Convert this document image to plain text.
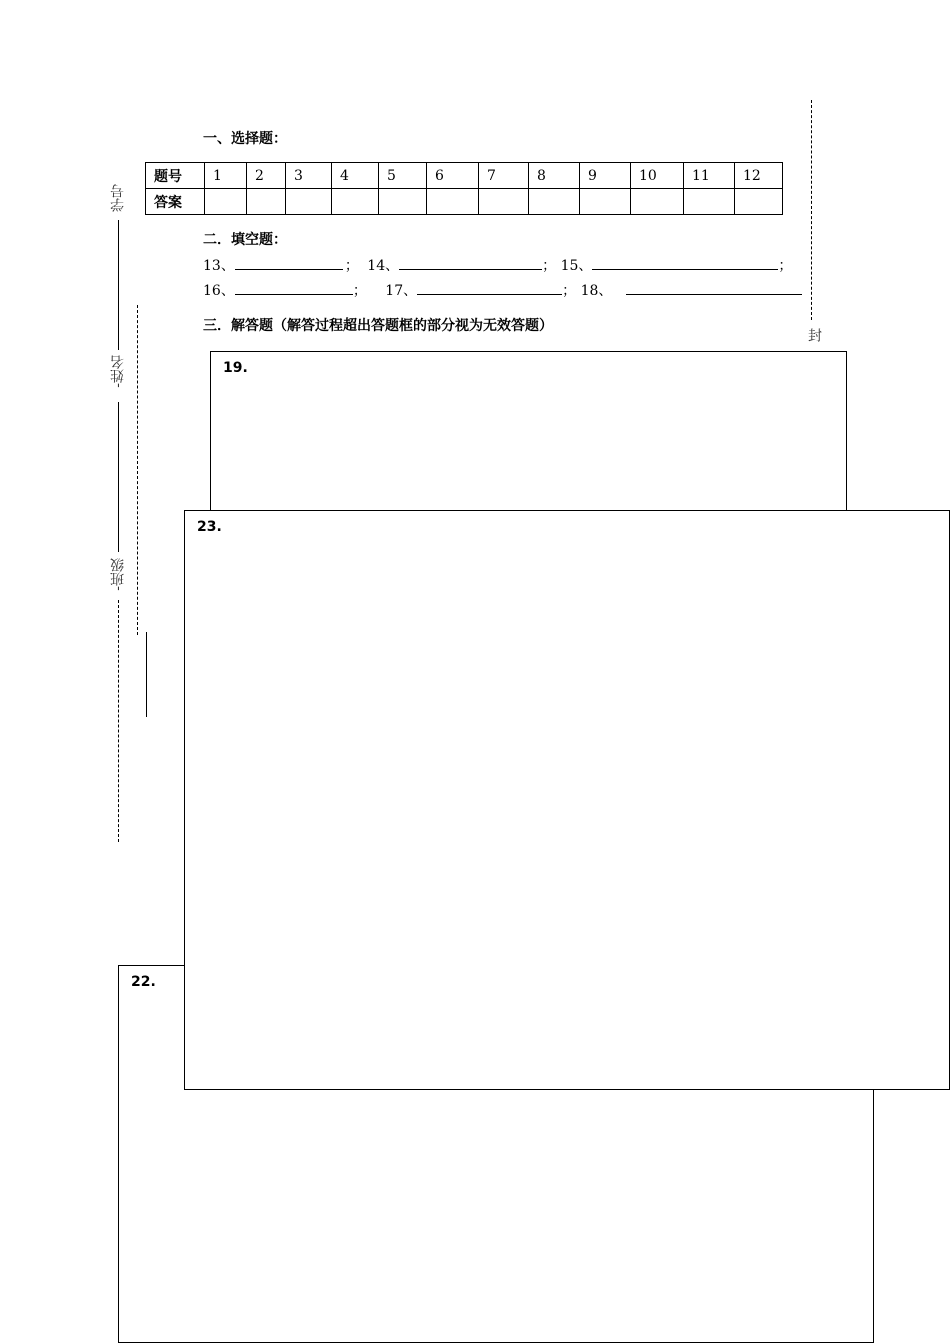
学号
-姓名
-班级
封
一、选择题：
题号	1	2	3	4	5	6	7	8	9	10	11	12
答案												
二．填空题：
13、	； 14、	； 15、	；
16、	； 17、	； 18、
三．解答题（解答过程超出答题框的部分视为无效答题）
19.
22.
23.
